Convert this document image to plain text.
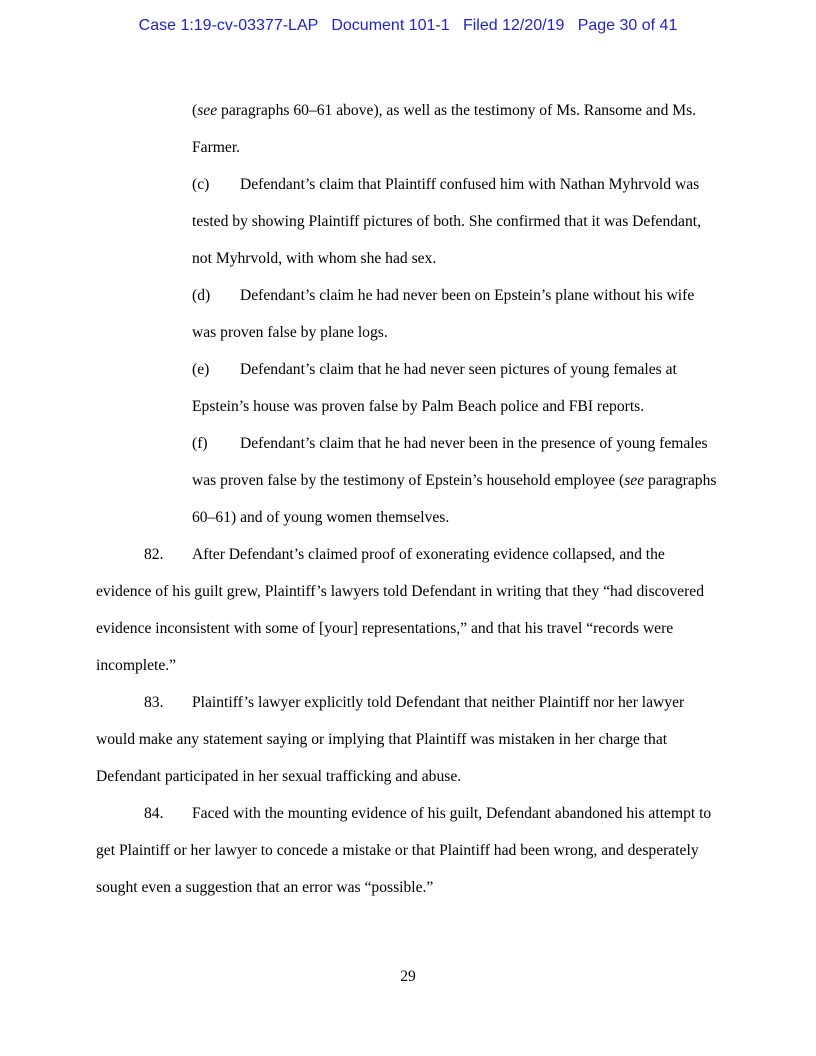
Case 1:19-cv-03377-LAP   Document 101-1   Filed 12/20/19   Page 30 of 41

(see paragraphs 60–61 above), as well as the testimony of Ms. Ransome and Ms. Farmer.

(c) Defendant’s claim that Plaintiff confused him with Nathan Myhrvold was tested by showing Plaintiff pictures of both. She confirmed that it was Defendant, not Myhrvold, with whom she had sex.

(d) Defendant’s claim he had never been on Epstein’s plane without his wife was proven false by plane logs.

(e) Defendant’s claim that he had never seen pictures of young females at Epstein’s house was proven false by Palm Beach police and FBI reports.

(f) Defendant’s claim that he had never been in the presence of young females was proven false by the testimony of Epstein’s household employee (see paragraphs 60–61) and of young women themselves.

82. After Defendant’s claimed proof of exonerating evidence collapsed, and the evidence of his guilt grew, Plaintiff’s lawyers told Defendant in writing that they “had discovered evidence inconsistent with some of [your] representations,” and that his travel “records were incomplete.”

83. Plaintiff’s lawyer explicitly told Defendant that neither Plaintiff nor her lawyer would make any statement saying or implying that Plaintiff was mistaken in her charge that Defendant participated in her sexual trafficking and abuse.

84. Faced with the mounting evidence of his guilt, Defendant abandoned his attempt to get Plaintiff or her lawyer to concede a mistake or that Plaintiff had been wrong, and desperately sought even a suggestion that an error was “possible.”

29
